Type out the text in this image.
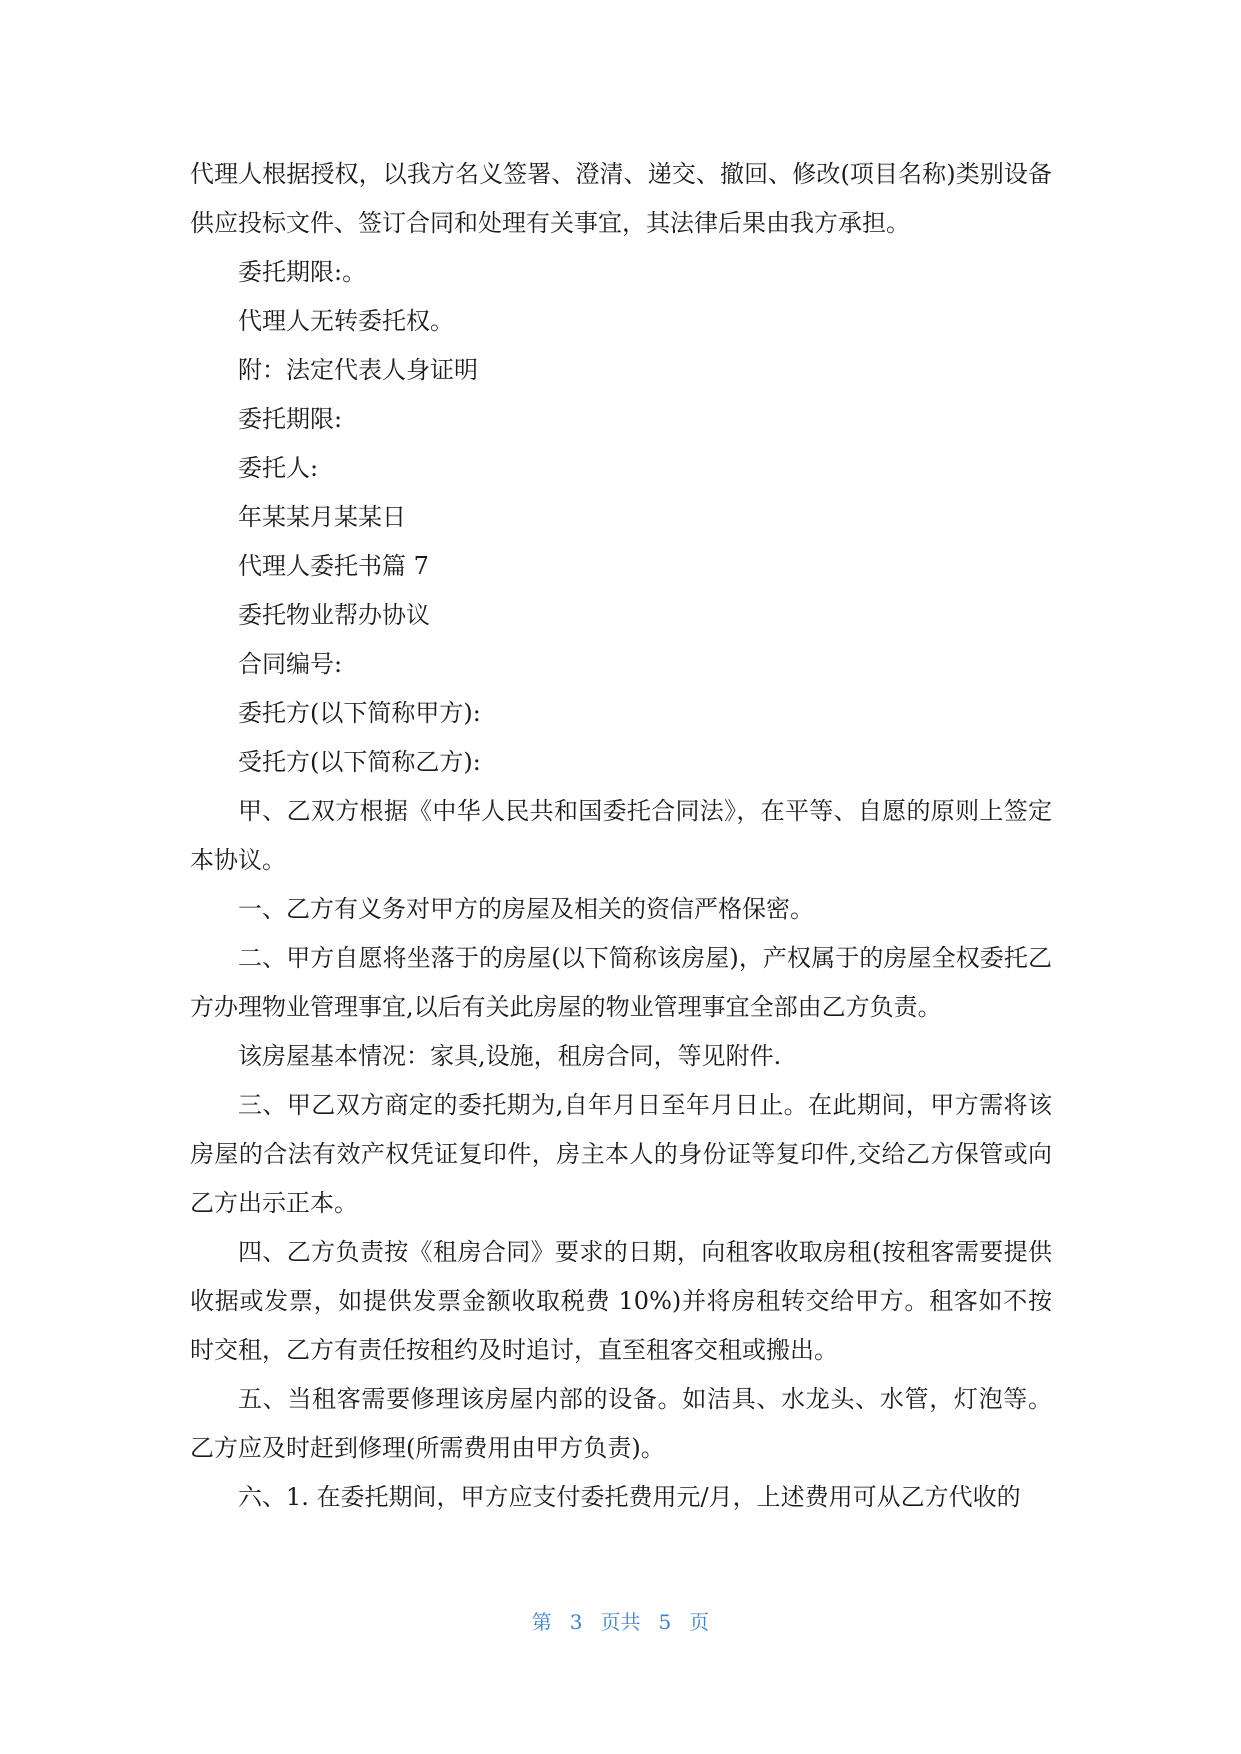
代理人根据授权，以我方名义签署、澄清、递交、撤回、修改(项目名称)类别设备供应投标文件、签订合同和处理有关事宜，其法律后果由我方承担。

委托期限:。

代理人无转委托权。

附：法定代表人身证明

委托期限:

委托人:

年某某月某某日

代理人委托书篇 7

委托物业帮办协议

合同编号:

委托方(以下简称甲方):

受托方(以下简称乙方):

甲、乙双方根据《中华人民共和国委托合同法》，在平等、自愿的原则上签定本协议。

一、乙方有义务对甲方的房屋及相关的资信严格保密。

二、甲方自愿将坐落于的房屋(以下简称该房屋)，产权属于的房屋全权委托乙方办理物业管理事宜,以后有关此房屋的物业管理事宜全部由乙方负责。

该房屋基本情况：家具,设施，租房合同，等见附件.

三、甲乙双方商定的委托期为,自年月日至年月日止。在此期间，甲方需将该房屋的合法有效产权凭证复印件，房主本人的身份证等复印件,交给乙方保管或向乙方出示正本。

四、乙方负责按《租房合同》要求的日期，向租客收取房租(按租客需要提供收据或发票，如提供发票金额收取税费 10%)并将房租转交给甲方。租客如不按时交租，乙方有责任按租约及时追讨，直至租客交租或搬出。

五、当租客需要修理该房屋内部的设备。如洁具、水龙头、水管，灯泡等。乙方应及时赶到修理(所需费用由甲方负责)。

六、1. 在委托期间，甲方应支付委托费用元/月，上述费用可从乙方代收的

第 3 页共 5 页
